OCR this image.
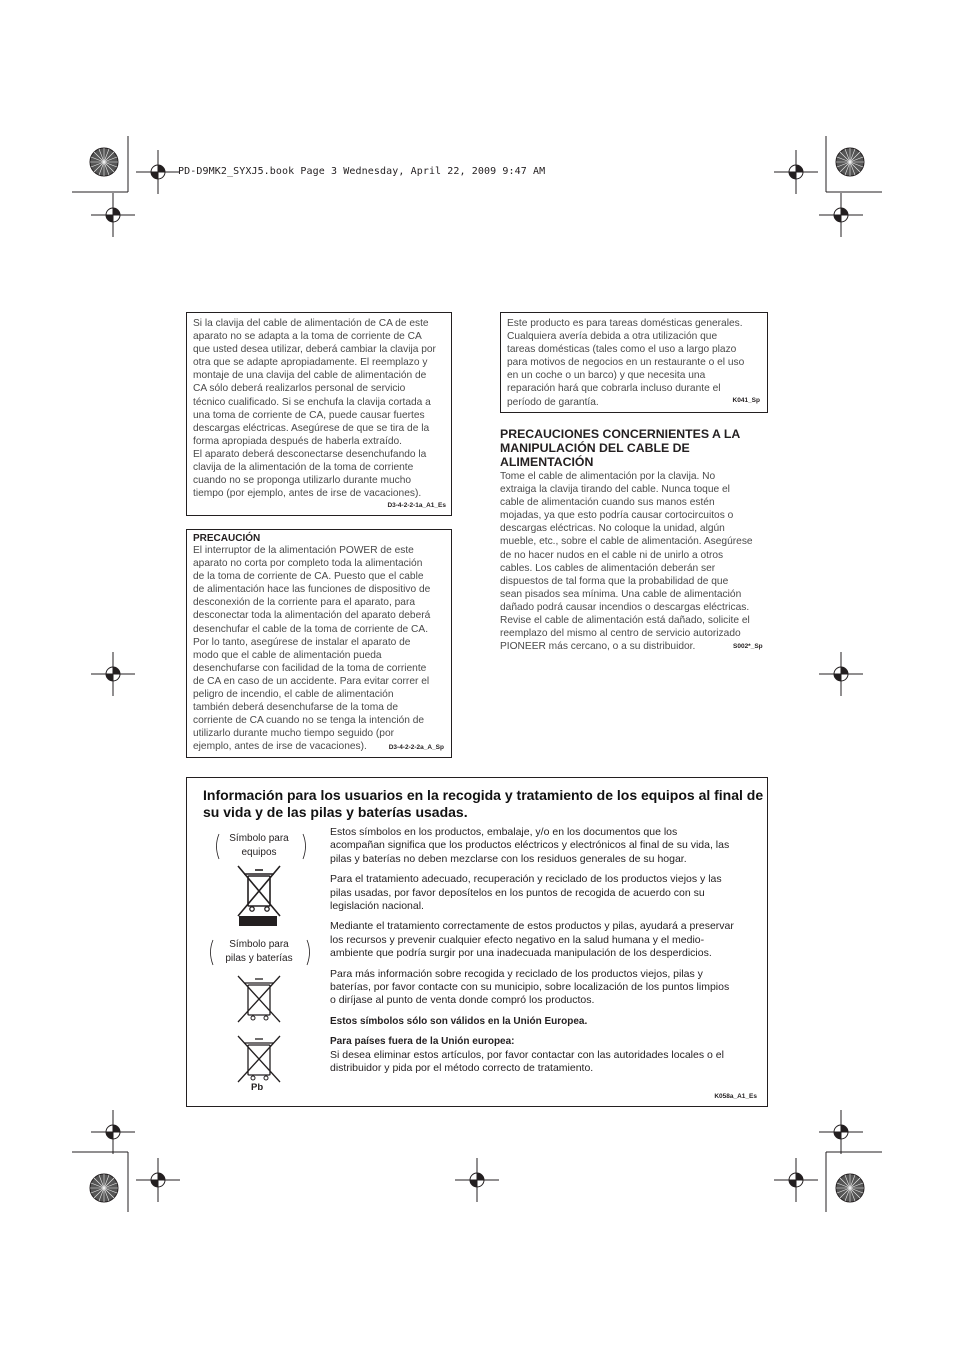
PD-D9MK2_SYXJ5.book Page 3 Wednesday, April 22, 2009 9:47 AM

Si la clavija del cable de alimentación de CA de este
aparato no se adapta a la toma de corriente de CA
que usted desea utilizar, deberá cambiar la clavija por
otra que se adapte apropiadamente. El reemplazo y
montaje de una clavija del cable de alimentación de
CA sólo deberá realizarlos personal de servicio
técnico cualificado. Si se enchufa la clavija cortada a
una toma de corriente de CA, puede causar fuertes
descargas eléctricas. Asegúrese de que se tira de la
forma apropiada después de haberla extraído.
El aparato deberá desconectarse desenchufando la
clavija de la alimentación de la toma de corriente
cuando no se proponga utilizarlo durante mucho
tiempo (por ejemplo, antes de irse de vacaciones).

D3-4-2-2-1a_A1_Es

PRECAUCIÓN

El interruptor de la alimentación POWER de este
aparato no corta por completo toda la alimentación
de la toma de corriente de CA. Puesto que el cable
de alimentación hace las funciones de dispositivo de
desconexión de la corriente para el aparato, para
desconectar toda la alimentación del aparato deberá
desenchufar el cable de la toma de corriente de CA.
Por lo tanto, asegúrese de instalar el aparato de
modo que el cable de alimentación pueda
desenchufarse con facilidad de la toma de corriente
de CA en caso de un accidente. Para evitar correr el
peligro de incendio, el cable de alimentación
también deberá desenchufarse de la toma de
corriente de CA cuando no se tenga la intención de
utilizarlo durante mucho tiempo seguido (por
ejemplo, antes de irse de vacaciones).	D3-4-2-2-2a_A_Sp

Este producto es para tareas domésticas generales.
Cualquiera avería debida a otra utilización que
tareas domésticas (tales como el uso a largo plazo
para motivos de negocios en un restaurante o el uso
en un coche o un barco) y que necesita una
reparación hará que cobrarla incluso durante el
período de garantía.	K041_Sp

PRECAUCIONES CONCERNIENTES A LA
MANIPULACIÓN DEL CABLE DE
ALIMENTACIÓN

Tome el cable de alimentación por la clavija. No
extraiga la clavija tirando del cable. Nunca toque el
cable de alimentación cuando sus manos estén
mojadas, ya que esto podría causar cortocircuitos o
descargas eléctricas. No coloque la unidad, algún
mueble, etc., sobre el cable de alimentación. Asegúrese
de no hacer nudos en el cable ni de unirlo a otros
cables. Los cables de alimentación deberán ser
dispuestos de tal forma que la probabilidad de que
sean pisados sea mínima. Una cable de alimentación
dañado podrá causar incendios o descargas eléctricas.
Revise el cable de alimentación está dañado, solicite el
reemplazo del mismo al centro de servicio autorizado
PIONEER más cercano, o a su distribuidor.	S002*_Sp

Información para los usuarios en la recogida y tratamiento de los equipos al final de
su vida y de las pilas y baterías usadas.

Símbolo para
equipos
Símbolo para
pilas y baterías
Pb

Estos símbolos en los productos, embalaje, y/o en los documentos que los
acompañan significa que los productos eléctricos y electrónicos al final de su vida, las
pilas y baterías no deben mezclarse con los residuos generales de su hogar.

Para el tratamiento adecuado, recuperación y reciclado de los productos viejos y las
pilas usadas, por favor deposítelos en los puntos de recogida de acuerdo con su
legislación nacional.

Mediante el tratamiento correctamente de estos productos y pilas, ayudará a preservar
los recursos y prevenir cualquier efecto negativo en la salud humana y el medio-
ambiente que podría surgir por una inadecuada manipulación de los desperdicios.

Para más información sobre recogida y reciclado de los productos viejos, pilas y
baterías, por favor contacte con su municipio, sobre localización de los puntos limpios
o diríjase al punto de venta donde compró los productos.

Estos símbolos sólo son válidos en la Unión Europea.

Para países fuera de la Unión europea:

Si desea eliminar estos artículos, por favor contactar con las autoridades locales o el
distribuidor y pida por el método correcto de tratamiento.

K058a_A1_Es
